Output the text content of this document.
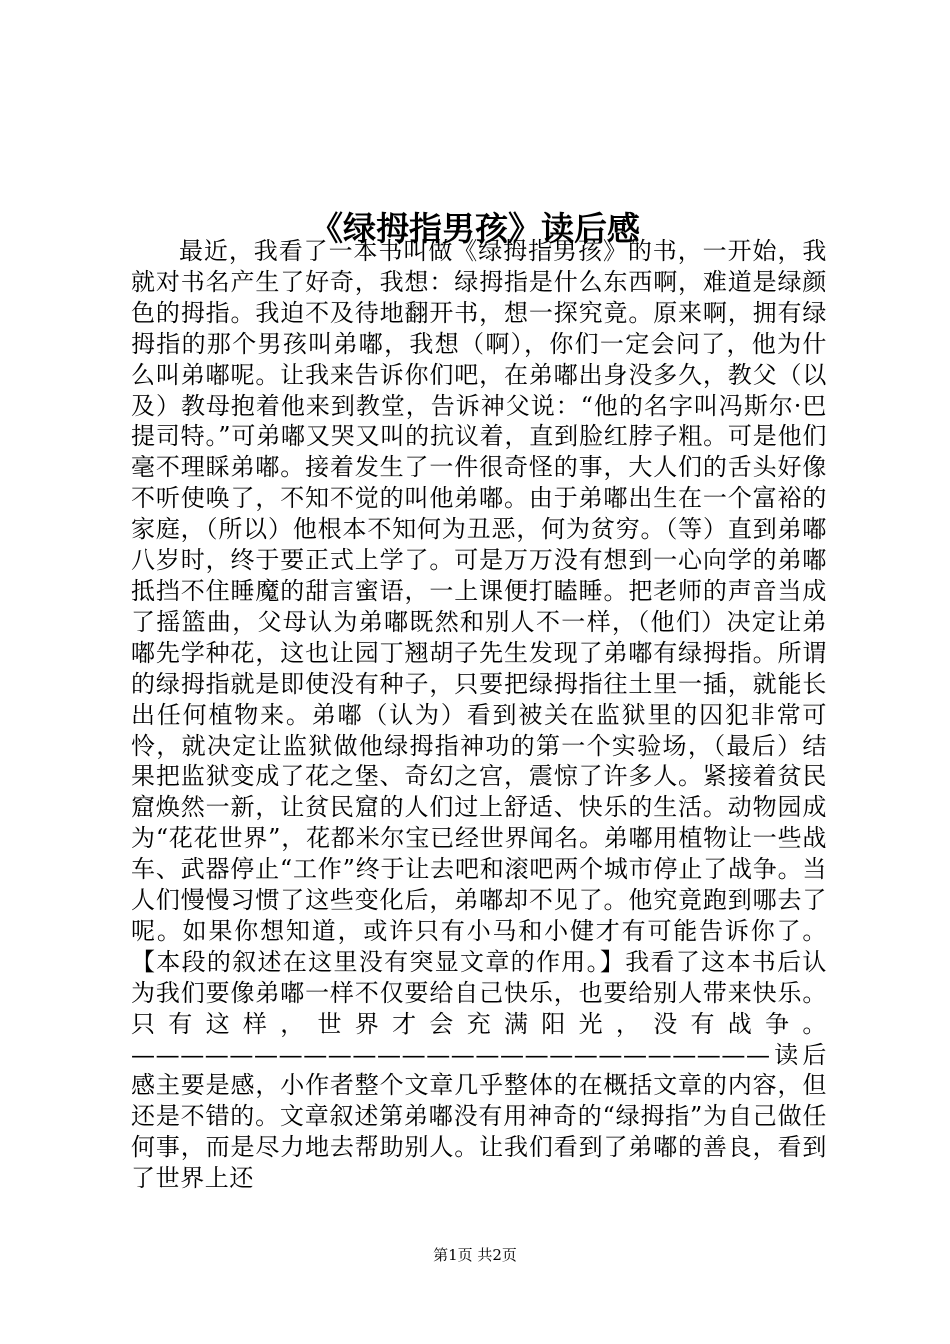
《绿拇指男孩》读后感

最近，我看了一本书叫做《绿拇指男孩》的书，一开始，我就对书名产生了好奇，我想：绿拇指是什么东西啊，难道是绿颜色的拇指。我迫不及待地翻开书，想一探究竟。原来啊，拥有绿拇指的那个男孩叫弟嘟，我想（啊），你们一定会问了，他为什么叫弟嘟呢。让我来告诉你们吧，在弟嘟出身没多久，教父（以及）教母抱着他来到教堂，告诉神父说：“他的名字叫冯斯尔·巴提司特。”可弟嘟又哭又叫的抗议着，直到脸红脖子粗。可是他们毫不理睬弟嘟。接着发生了一件很奇怪的事，大人们的舌头好像不听使唤了，不知不觉的叫他弟嘟。由于弟嘟出生在一个富裕的家庭，（所以）他根本不知何为丑恶，何为贫穷。（等）直到弟嘟八岁时，终于要正式上学了。可是万万没有想到一心向学的弟嘟抵挡不住睡魔的甜言蜜语，一上课便打瞌睡。把老师的声音当成了摇篮曲，父母认为弟嘟既然和别人不一样，（他们）决定让弟嘟先学种花，这也让园丁翘胡子先生发现了弟嘟有绿拇指。所谓的绿拇指就是即使没有种子，只要把绿拇指往土里一插，就能长出任何植物来。弟嘟（认为）看到被关在监狱里的囚犯非常可怜，就决定让监狱做他绿拇指神功的第一个实验场，（最后）结果把监狱变成了花之堡、奇幻之宫，震惊了许多人。紧接着贫民窟焕然一新，让贫民窟的人们过上舒适、快乐的生活。动物园成为“花花世界”，花都米尔宝已经世界闻名。弟嘟用植物让一些战车、武器停止“工作”终于让去吧和滚吧两个城市停止了战争。当人们慢慢习惯了这些变化后，弟嘟却不见了。他究竟跑到哪去了呢。如果你想知道，或许只有小马和小健才有可能告诉你了。【本段的叙述在这里没有突显文章的作用。】我看了这本书后认为我们要像弟嘟一样不仅要给自己快乐，也要给别人带来快乐。只有这样，世界才会充满阳光，没有战争。——————————————————————————读后感主要是感，小作者整个文章几乎整体的在概括文章的内容，但还是不错的。文章叙述第弟嘟没有用神奇的“绿拇指”为自己做任何事，而是尽力地去帮助别人。让我们看到了弟嘟的善良，看到了世界上还

第1页 共2页
